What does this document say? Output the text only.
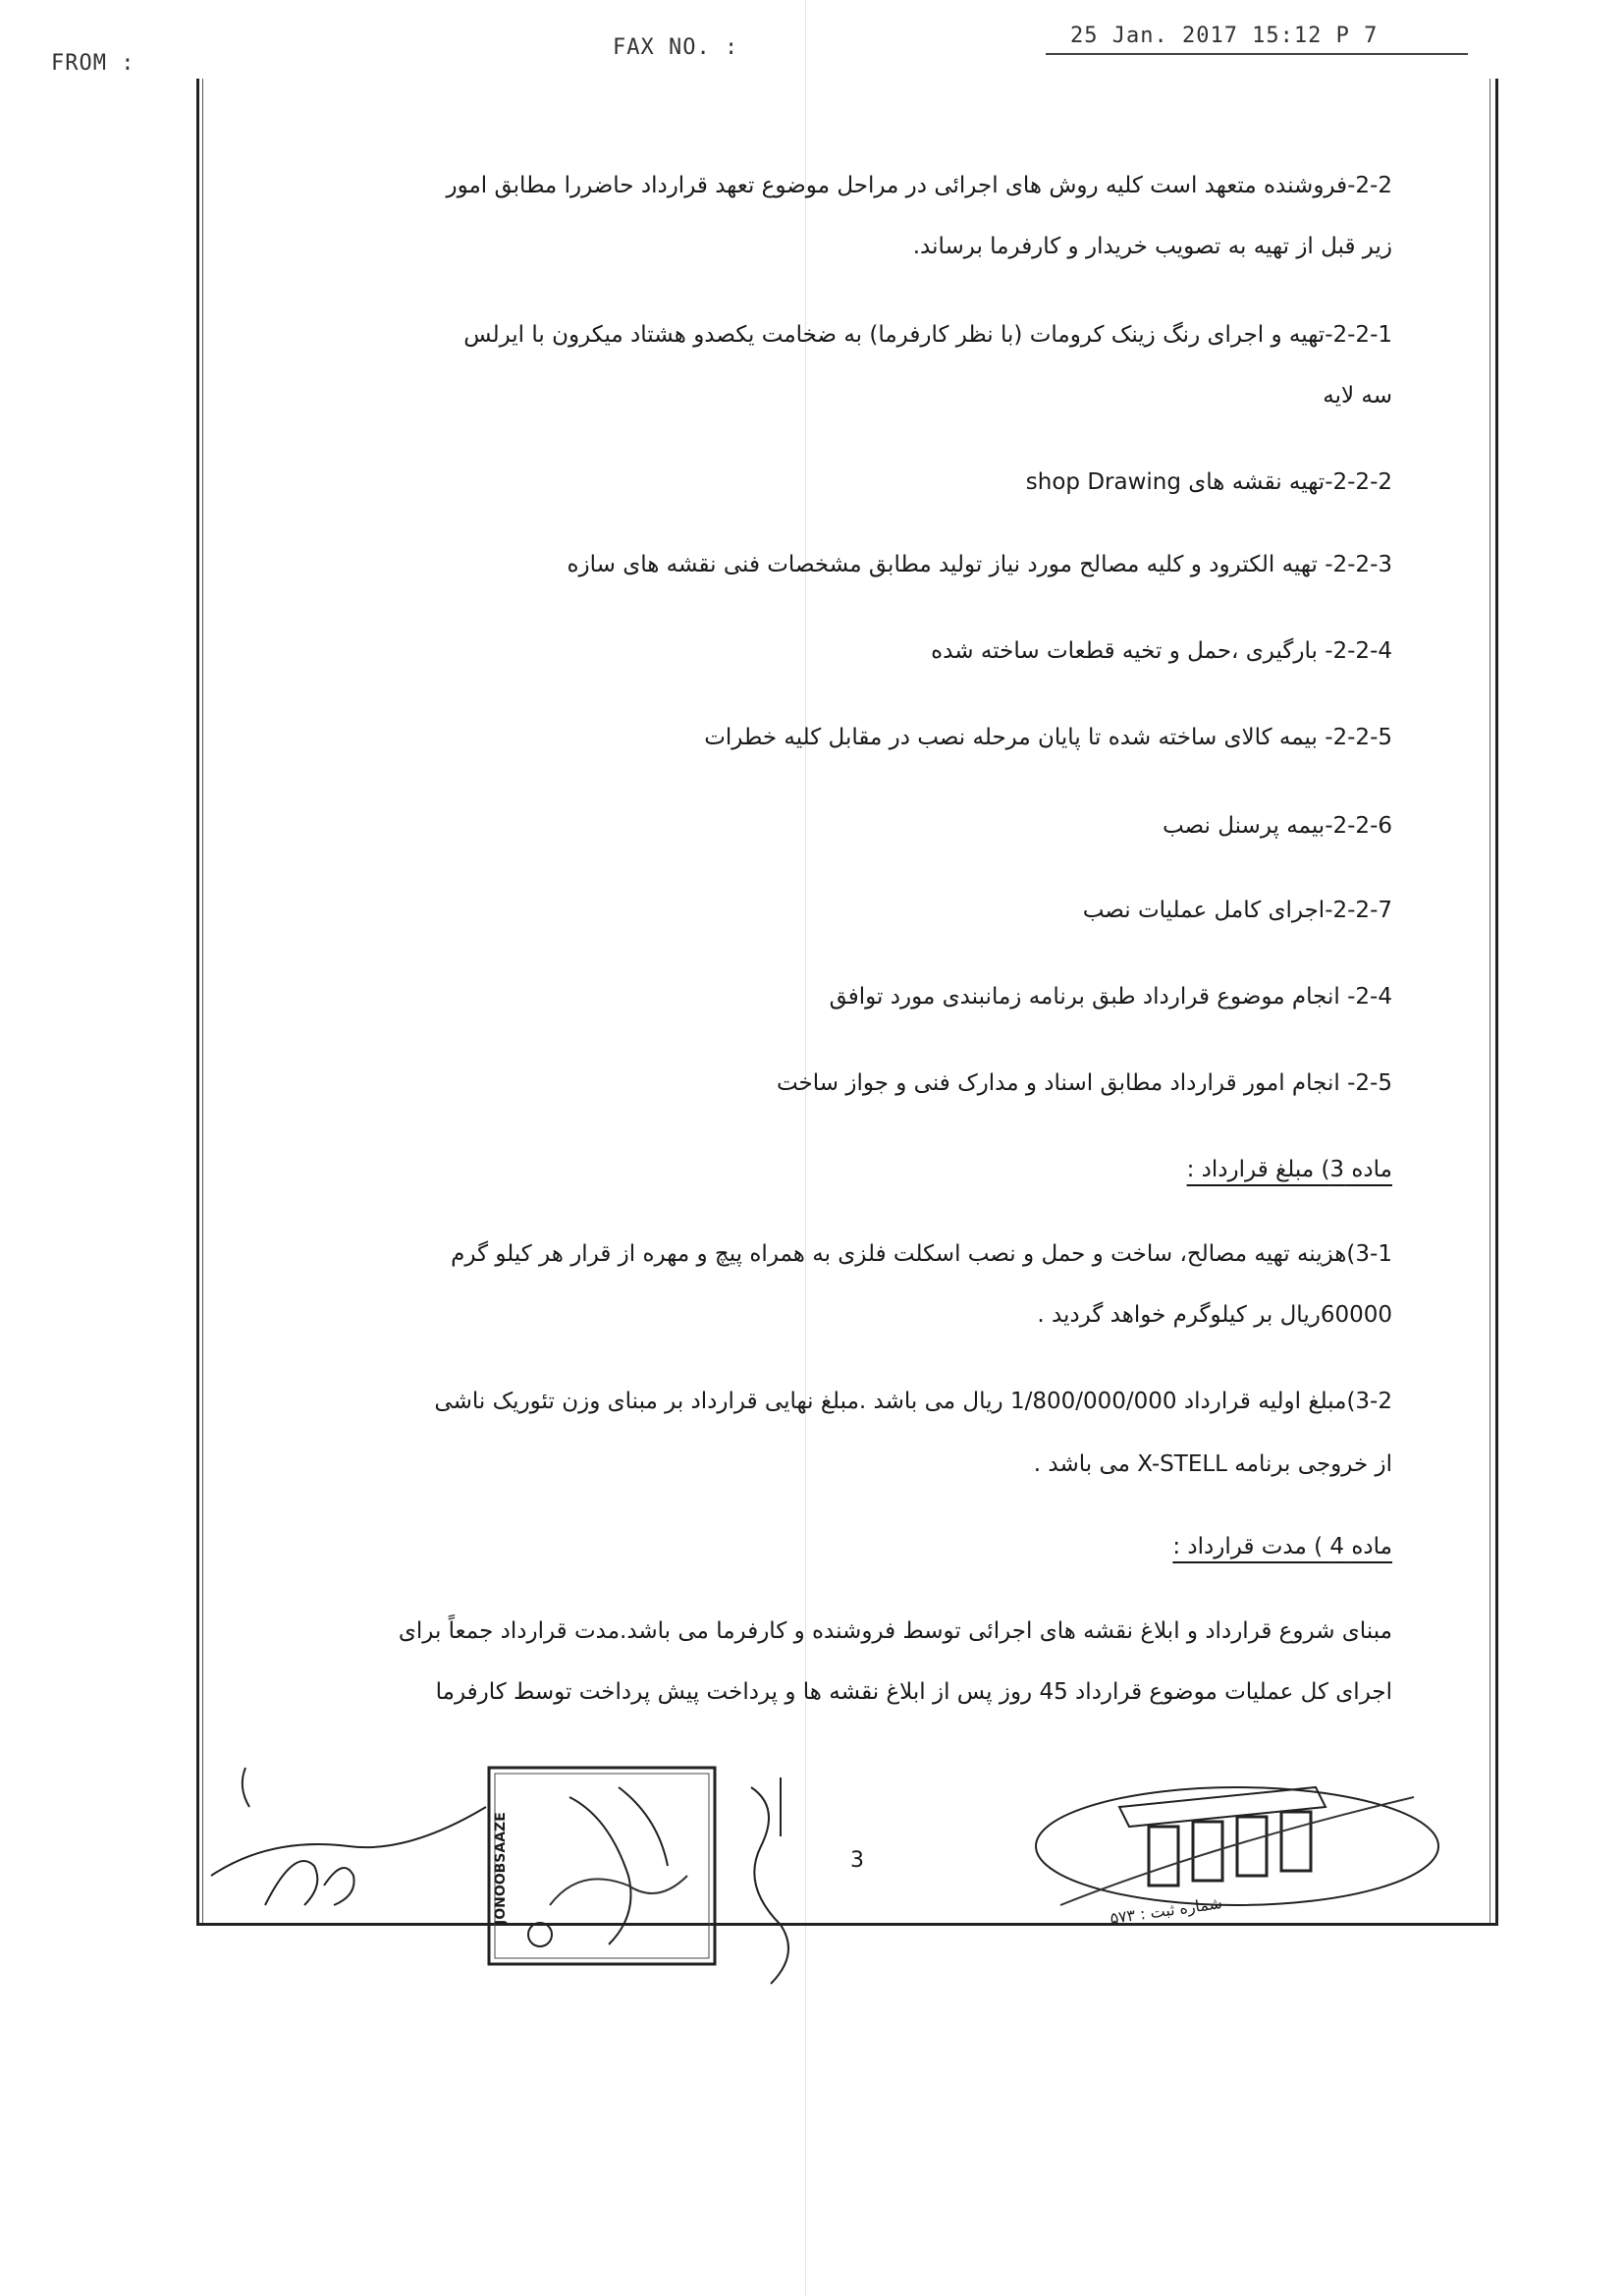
FROM :
FAX NO. :	25 Jan. 2017 15:12 P 7
2-2-فروشنده متعهد است کلیه روش های اجرائی در مراحل موضوع تعهد قرارداد حاضررا مطابق امور
زیر قبل از تهیه به تصویب خریدار و کارفرما برساند.
2-2-1-تهیه و اجرای رنگ زینک کرومات (با نظر کارفرما) به ضخامت یکصدو هشتاد میکرون با ایرلس
سه لایه
2-2-2-تهیه نقشه های shop Drawing
2-2-3- تهیه الکترود و کلیه مصالح مورد نیاز تولید مطابق مشخصات فنی نقشه های سازه
2-2-4- بارگیری ،حمل و تخیه قطعات ساخته شده
2-2-5- بیمه کالای ساخته شده تا پایان مرحله نصب در مقابل کلیه خطرات
2-2-6-بیمه پرسنل نصب
2-2-7-اجرای کامل عملیات نصب
2-4- انجام موضوع قرارداد طبق برنامه زمانبندی مورد توافق
2-5- انجام امور قرارداد مطابق اسناد و مدارک فنی و جواز ساخت
ماده 3) مبلغ قرارداد :
3-1)هزینه تهیه مصالح، ساخت و حمل و نصب اسکلت فلزی به همراه پیچ و مهره از قرار هر کیلو گرم
60000ریال بر کیلوگرم خواهد گردید .
3-2)مبلغ اولیه قرارداد 1/800/000/000 ریال می باشد .مبلغ نهایی قرارداد بر مبنای وزن تئوریک ناشی
از خروجی برنامه X-STELL می باشد .
ماده 4 ) مدت قرارداد :
مبنای شروع قرارداد و ابلاغ نقشه های اجرائی توسط فروشنده و کارفرما می باشد.مدت قرارداد جمعاً برای
اجرای کل عملیات موضوع قرارداد 45 روز پس از ابلاغ نقشه ها و پرداخت پیش پرداخت توسط کارفرما
3
JONOOBSAAZE	شماره ثبت : ۵۷۳
